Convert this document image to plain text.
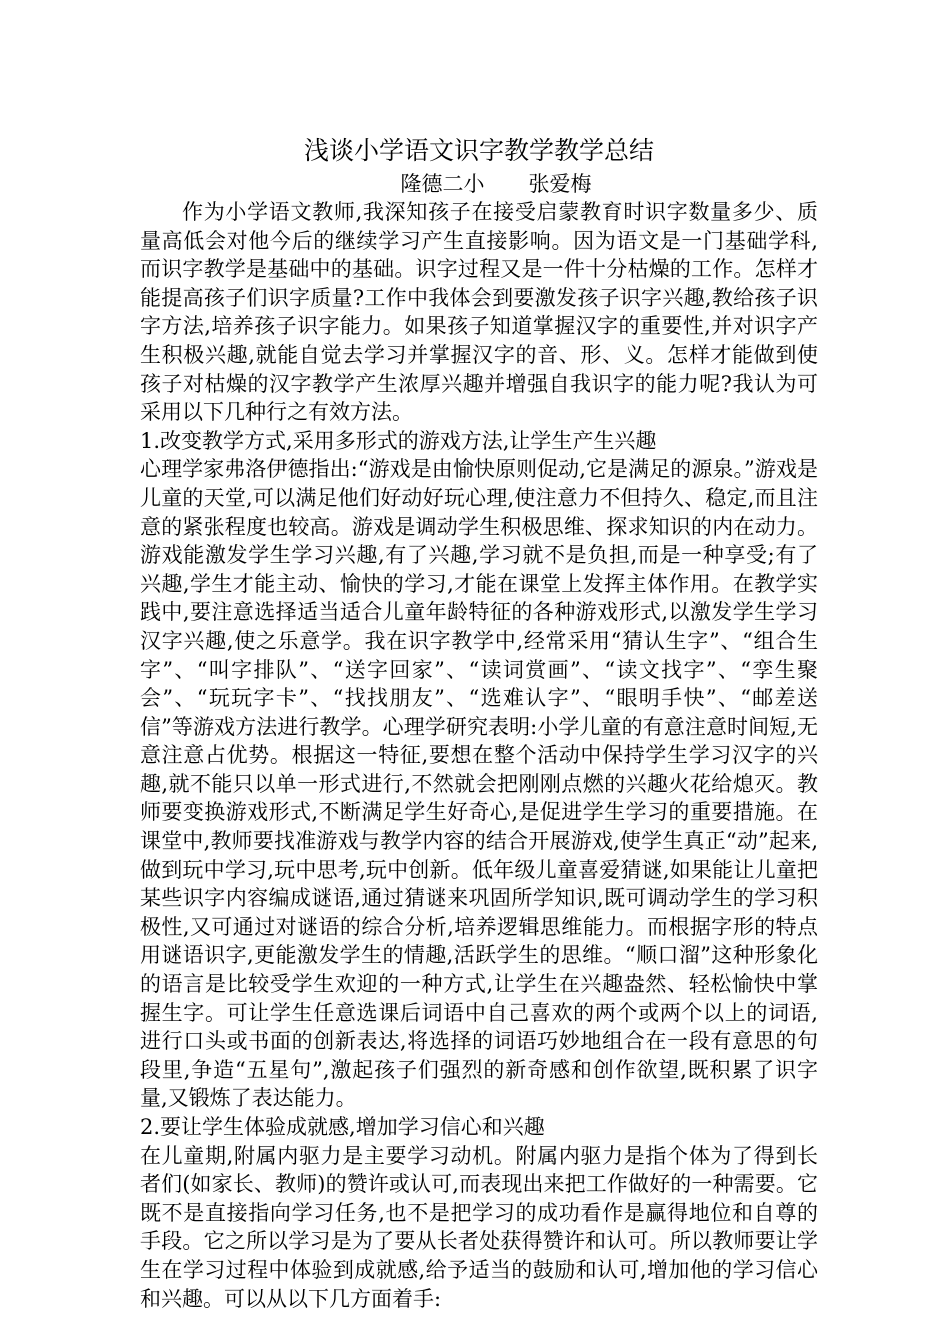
浅谈小学语文识字教学教学总结
隆德二小 张爱梅

作为小学语文教师,我深知孩子在接受启蒙教育时识字数量多少、质量高低会对他今后的继续学习产生直接影响。因为语文是一门基础学科,而识字教学是基础中的基础。识字过程又是一件十分枯燥的工作。怎样才能提高孩子们识字质量?工作中我体会到要激发孩子识字兴趣,教给孩子识字方法,培养孩子识字能力。如果孩子知道掌握汉字的重要性,并对识字产生积极兴趣,就能自觉去学习并掌握汉字的音、形、义。怎样才能做到使孩子对枯燥的汉字教学产生浓厚兴趣并增强自我识字的能力呢?我认为可采用以下几种行之有效方法。

1.改变教学方式,采用多形式的游戏方法,让学生产生兴趣

心理学家弗洛伊德指出:“游戏是由愉快原则促动,它是满足的源泉。”游戏是儿童的天堂,可以满足他们好动好玩心理,使注意力不但持久、稳定,而且注意的紧张程度也较高。游戏是调动学生积极思维、探求知识的内在动力。游戏能激发学生学习兴趣,有了兴趣,学习就不是负担,而是一种享受;有了兴趣,学生才能主动、愉快的学习,才能在课堂上发挥主体作用。在教学实践中,要注意选择适当适合儿童年龄特征的各种游戏形式,以激发学生学习汉字兴趣,使之乐意学。我在识字教学中,经常采用“猜认生字”、“组合生字”、“叫字排队”、“送字回家”、“读词赏画”、“读文找字”、“孪生聚会”、“玩玩字卡”、“找找朋友”、“选难认字”、“眼明手快”、“邮差送信”等游戏方法进行教学。心理学研究表明:小学儿童的有意注意时间短,无意注意占优势。根据这一特征,要想在整个活动中保持学生学习汉字的兴趣,就不能只以单一形式进行,不然就会把刚刚点燃的兴趣火花给熄灭。教师要变换游戏形式,不断满足学生好奇心,是促进学生学习的重要措施。在课堂中,教师要找准游戏与教学内容的结合开展游戏,使学生真正“动”起来,做到玩中学习,玩中思考,玩中创新。低年级儿童喜爱猜谜,如果能让儿童把某些识字内容编成谜语,通过猜谜来巩固所学知识,既可调动学生的学习积极性,又可通过对谜语的综合分析,培养逻辑思维能力。而根据字形的特点用谜语识字,更能激发学生的情趣,活跃学生的思维。“顺口溜”这种形象化的语言是比较受学生欢迎的一种方式,让学生在兴趣盎然、轻松愉快中掌握生字。可让学生任意选课后词语中自己喜欢的两个或两个以上的词语,进行口头或书面的创新表达,将选择的词语巧妙地组合在一段有意思的句段里,争造“五星句”,激起孩子们强烈的新奇感和创作欲望,既积累了识字量,又锻炼了表达能力。

2.要让学生体验成就感,增加学习信心和兴趣

在儿童期,附属内驱力是主要学习动机。附属内驱力是指个体为了得到长者们(如家长、教师)的赞许或认可,而表现出来把工作做好的一种需要。它既不是直接指向学习任务,也不是把学习的成功看作是赢得地位和自尊的手段。它之所以学习是为了要从长者处获得赞许和认可。所以教师要让学生在学习过程中体验到成就感,给予适当的鼓励和认可,增加他的学习信心和兴趣。可以从以下几方面着手:
